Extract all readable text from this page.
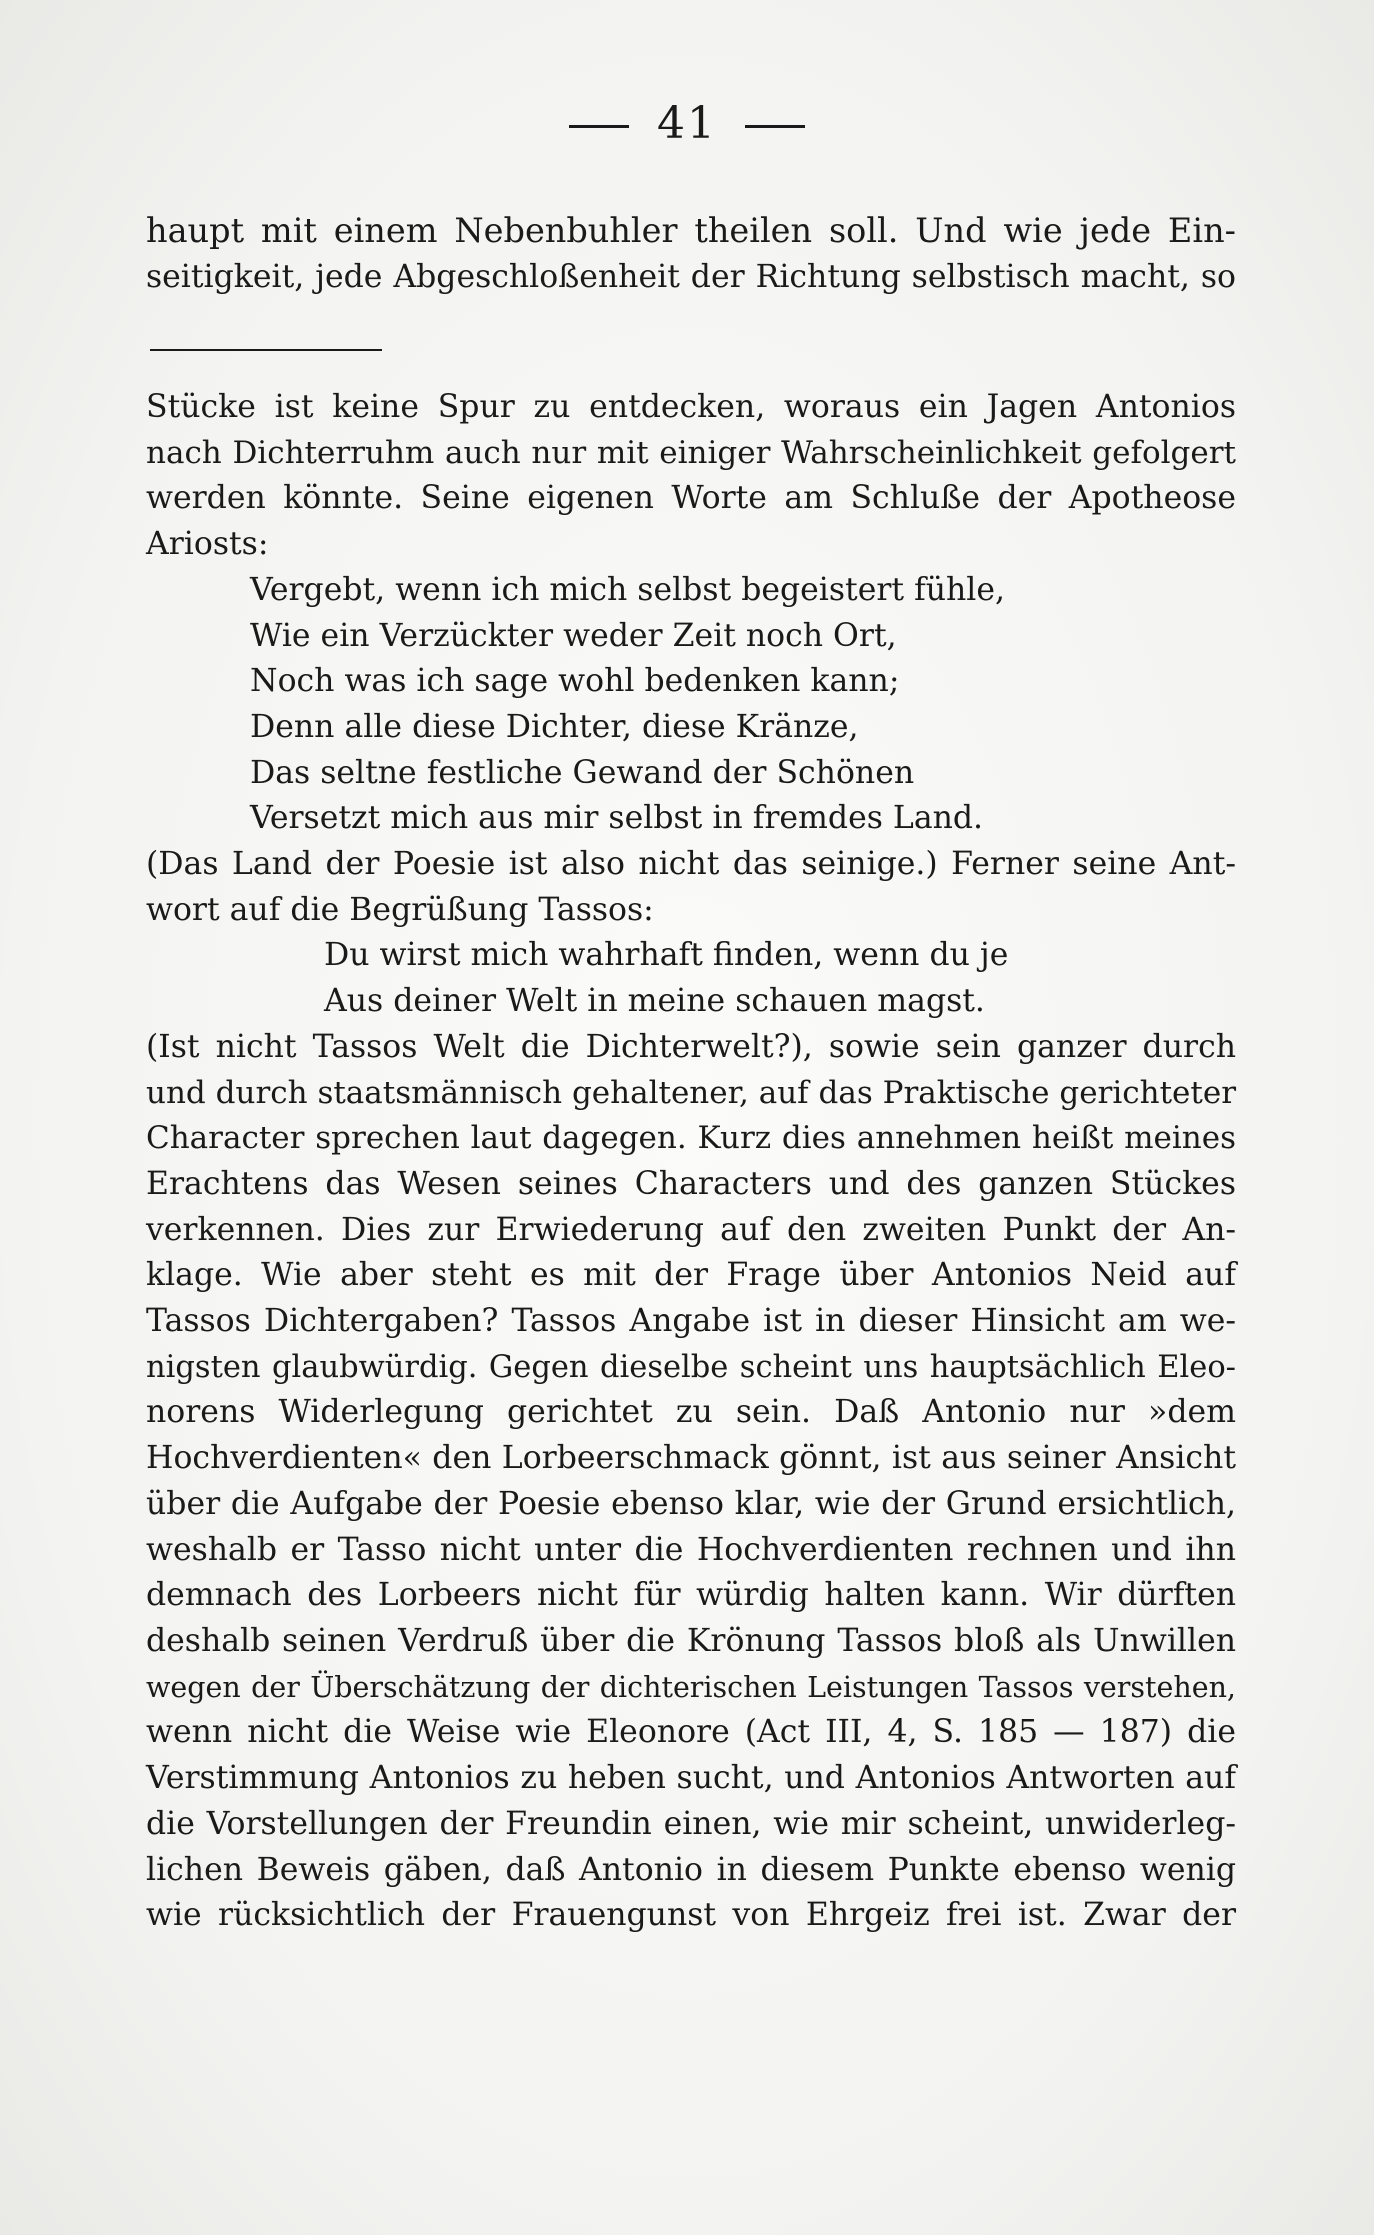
41
haupt mit einem Nebenbuhler theilen soll. Und wie jede Ein-
seitigkeit, jede Abgeschloßenheit der Richtung selbstisch macht, so
Stücke ist keine Spur zu entdecken, woraus ein Jagen Antonios
nach Dichterruhm auch nur mit einiger Wahrscheinlichkeit gefolgert
werden könnte. Seine eigenen Worte am Schluße der Apotheose
Ariosts:
Vergebt, wenn ich mich selbst begeistert fühle,
Wie ein Verzückter weder Zeit noch Ort,
Noch was ich sage wohl bedenken kann;
Denn alle diese Dichter, diese Kränze,
Das seltne festliche Gewand der Schönen
Versetzt mich aus mir selbst in fremdes Land.
(Das Land der Poesie ist also nicht das seinige.) Ferner seine Ant-
wort auf die Begrüßung Tassos:
Du wirst mich wahrhaft finden, wenn du je
Aus deiner Welt in meine schauen magst.
(Ist nicht Tassos Welt die Dichterwelt?), sowie sein ganzer durch
und durch staatsmännisch gehaltener, auf das Praktische gerichteter
Character sprechen laut dagegen. Kurz dies annehmen heißt meines
Erachtens das Wesen seines Characters und des ganzen Stückes
verkennen. Dies zur Erwiederung auf den zweiten Punkt der An-
klage. Wie aber steht es mit der Frage über Antonios Neid auf
Tassos Dichtergaben? Tassos Angabe ist in dieser Hinsicht am we-
nigsten glaubwürdig. Gegen dieselbe scheint uns hauptsächlich Eleo-
norens Widerlegung gerichtet zu sein. Daß Antonio nur »dem
Hochverdienten« den Lorbeerschmack gönnt, ist aus seiner Ansicht
über die Aufgabe der Poesie ebenso klar, wie der Grund ersichtlich,
weshalb er Tasso nicht unter die Hochverdienten rechnen und ihn
demnach des Lorbeers nicht für würdig halten kann. Wir dürften
deshalb seinen Verdruß über die Krönung Tassos bloß als Unwillen
wegen der Überschätzung der dichterischen Leistungen Tassos verstehen,
wenn nicht die Weise wie Eleonore (Act III, 4, S. 185 — 187) die
Verstimmung Antonios zu heben sucht, und Antonios Antworten auf
die Vorstellungen der Freundin einen, wie mir scheint, unwiderleg-
lichen Beweis gäben, daß Antonio in diesem Punkte ebenso wenig
wie rücksichtlich der Frauengunst von Ehrgeiz frei ist. Zwar der
